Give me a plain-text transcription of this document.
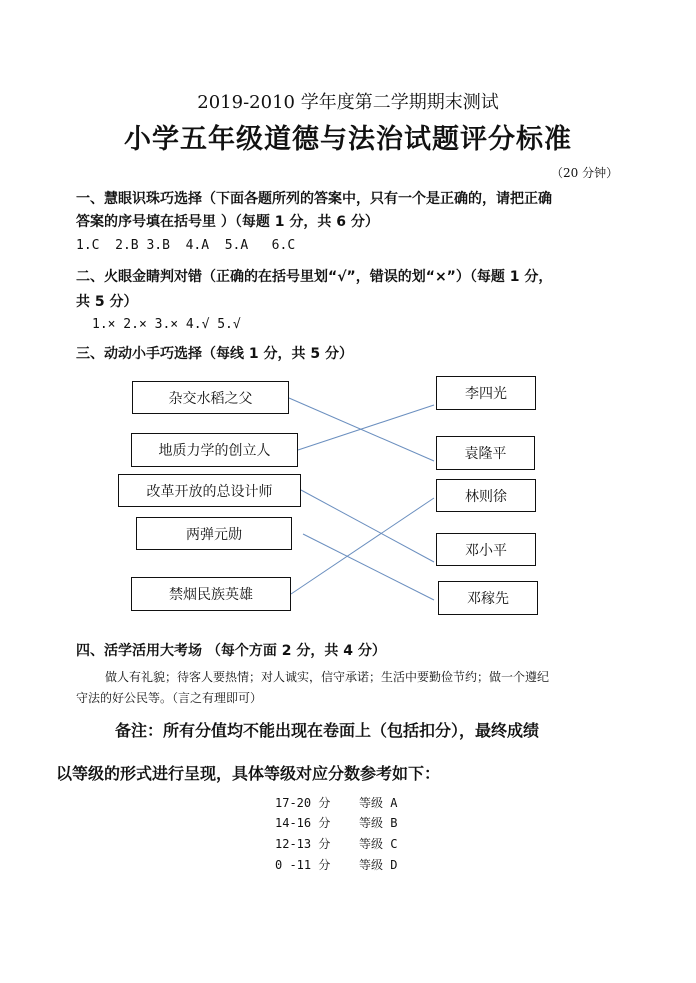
2019-2010 学年度第二学期期末测试
小学五年级道德与法治试题评分标准
（20 分钟）
一、慧眼识珠巧选择（下面各题所列的答案中，只有一个是正确的，请把正确
答案的序号填在括号里 ）（每题 1 分，共 6 分）
1.C  2.B 3.B  4.A  5.A   6.C
二、火眼金睛判对错（正确的在括号里划“√”，错误的划“×”）（每题 1 分，
共 5 分）
1.× 2.× 3.× 4.√ 5.√
三、动动小手巧选择（每线 1 分，共 5 分）
杂交水稻之父
地质力学的创立人
改革开放的总设计师
两弹元勋
禁烟民族英雄
李四光
袁隆平
林则徐
邓小平
邓稼先
四、活学活用大考场 （每个方面 2 分，共 4 分）
做人有礼貌；待客人要热情；对人诚实，信守承诺；生活中要勤俭节约；做一个遵纪
守法的好公民等。（言之有理即可）
备注：所有分值均不能出现在卷面上（包括扣分），最终成绩
以等级的形式进行呈现，具体等级对应分数参考如下：
17-20 分 等级 A
14-16 分 等级 B
12-13 分 等级 C
0 -11 分 等级 D
